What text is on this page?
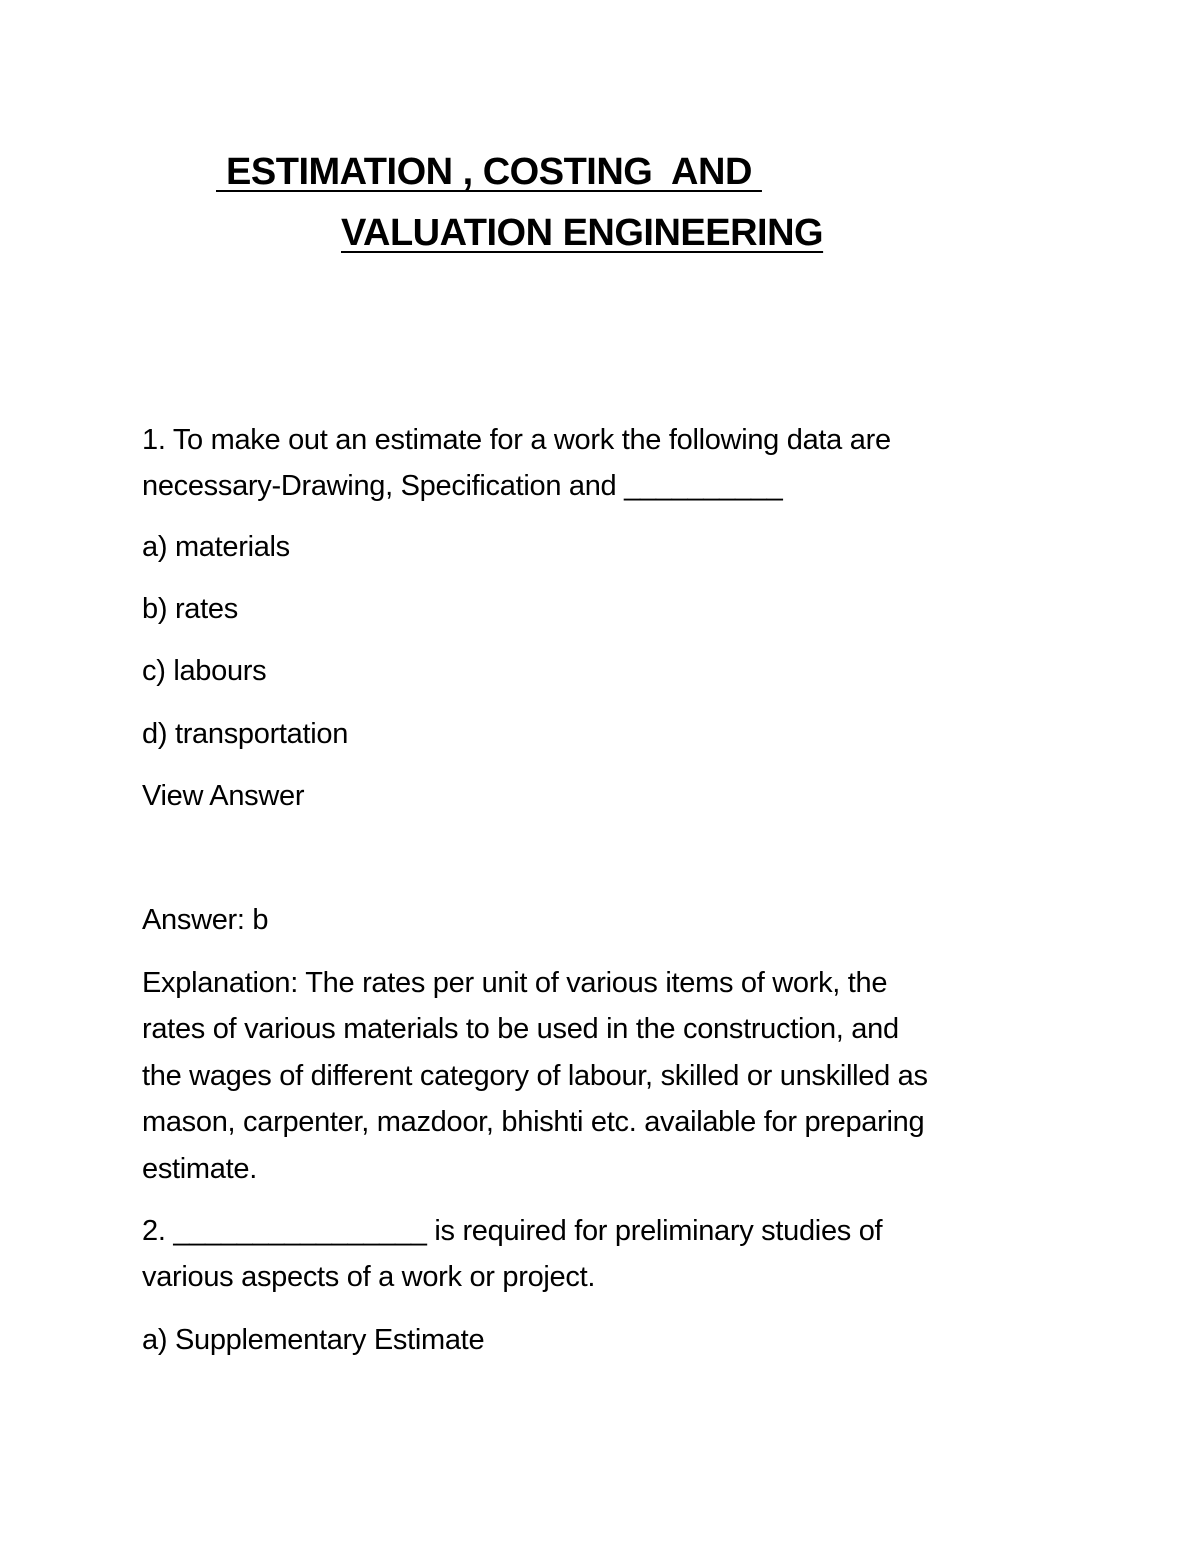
ESTIMATION , COSTING  AND
VALUATION ENGINEERING
1. To make out an estimate for a work the following data are
necessary-Drawing, Specification and __________
a) materials
b) rates
c) labours
d) transportation
View Answer
Answer: b
Explanation: The rates per unit of various items of work, the
rates of various materials to be used in the construction, and
the wages of different category of labour, skilled or unskilled as
mason, carpenter, mazdoor, bhishti etc. available for preparing
estimate.
2. ________________ is required for preliminary studies of
various aspects of a work or project.
a) Supplementary Estimate
